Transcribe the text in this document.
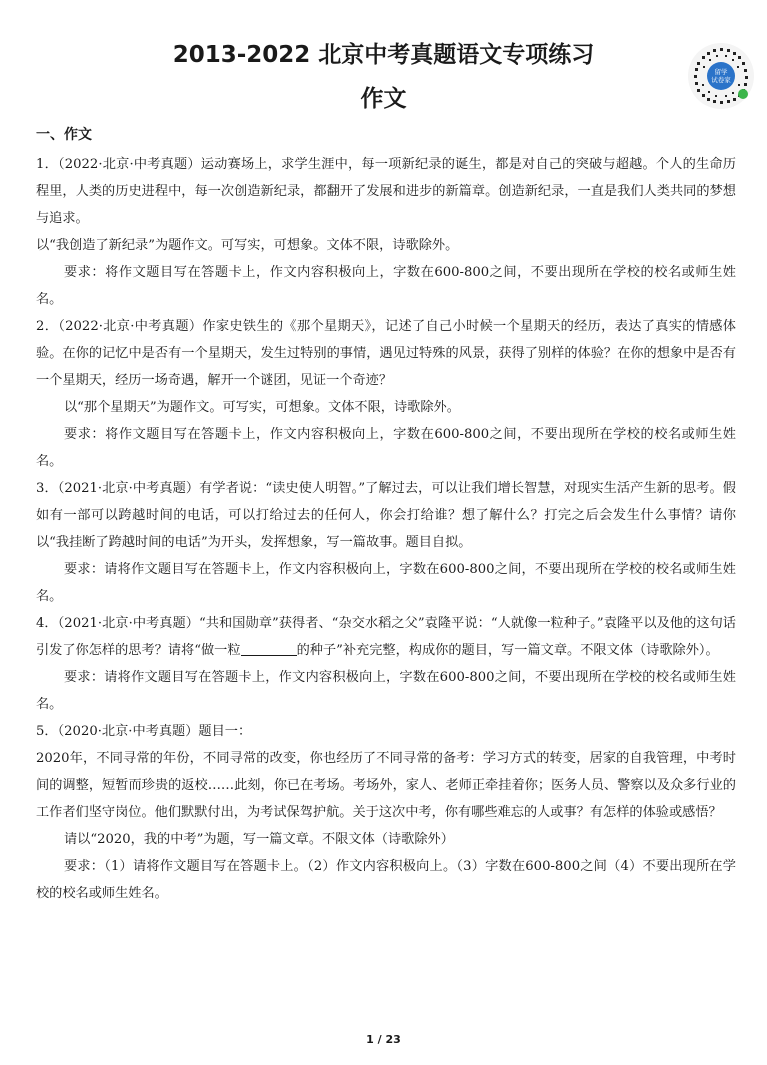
2013-2022 北京中考真题语文专项练习
作文
留学
试卷家
一、作文

1．（2022·北京·中考真题）运动赛场上，求学生涯中，每一项新纪录的诞生，都是对自己的突破与超越。个人的生命历程里，人类的历史进程中，每一次创造新纪录，都翻开了发展和进步的新篇章。创造新纪录，一直是我们人类共同的梦想与追求。

以“我创造了新纪录”为题作文。可写实，可想象。文体不限，诗歌除外。

要求：将作文题目写在答题卡上，作文内容积极向上，字数在600-800之间，不要出现所在学校的校名或师生姓名。

2．（2022·北京·中考真题）作家史铁生的《那个星期天》，记述了自己小时候一个星期天的经历，表达了真实的情感体验。在你的记忆中是否有一个星期天，发生过特别的事情，遇见过特殊的风景，获得了别样的体验？在你的想象中是否有一个星期天，经历一场奇遇，解开一个谜团，见证一个奇迹？

以“那个星期天”为题作文。可写实，可想象。文体不限，诗歌除外。

要求：将作文题目写在答题卡上，作文内容积极向上，字数在600-800之间，不要出现所在学校的校名或师生姓名。

3．（2021·北京·中考真题）有学者说：“读史使人明智。”了解过去，可以让我们增长智慧，对现实生活产生新的思考。假如有一部可以跨越时间的电话，可以打给过去的任何人，你会打给谁？想了解什么？打完之后会发生什么事情？请你以“我挂断了跨越时间的电话”为开头，发挥想象，写一篇故事。题目自拟。

要求：请将作文题目写在答题卡上，作文内容积极向上，字数在600-800之间，不要出现所在学校的校名或师生姓名。

4．（2021·北京·中考真题）“共和国勋章”获得者、“杂交水稻之父”袁隆平说：“人就像一粒种子。”袁隆平以及他的这句话引发了你怎样的思考？请将“做一粒	的种子”补充完整，构成你的题目，写一篇文章。不限文体（诗歌除外）。

要求：请将作文题目写在答题卡上，作文内容积极向上，字数在600-800之间，不要出现所在学校的校名或师生姓名。

5．（2020·北京·中考真题）题目一：

2020年，不同寻常的年份，不同寻常的改变，你也经历了不同寻常的备考：学习方式的转变，居家的自我管理，中考时间的调整，短暂而珍贵的返校……此刻，你已在考场。考场外，家人、老师正牵挂着你；医务人员、警察以及众多行业的工作者们坚守岗位。他们默默付出，为考试保驾护航。关于这次中考，你有哪些难忘的人或事？有怎样的体验或感悟？

请以“2020，我的中考”为题，写一篇文章。不限文体（诗歌除外）

要求：（1）请将作文题目写在答题卡上。（2）作文内容积极向上。（3）字数在600-800之间（4）不要出现所在学校的校名或师生姓名。

1 / 23
